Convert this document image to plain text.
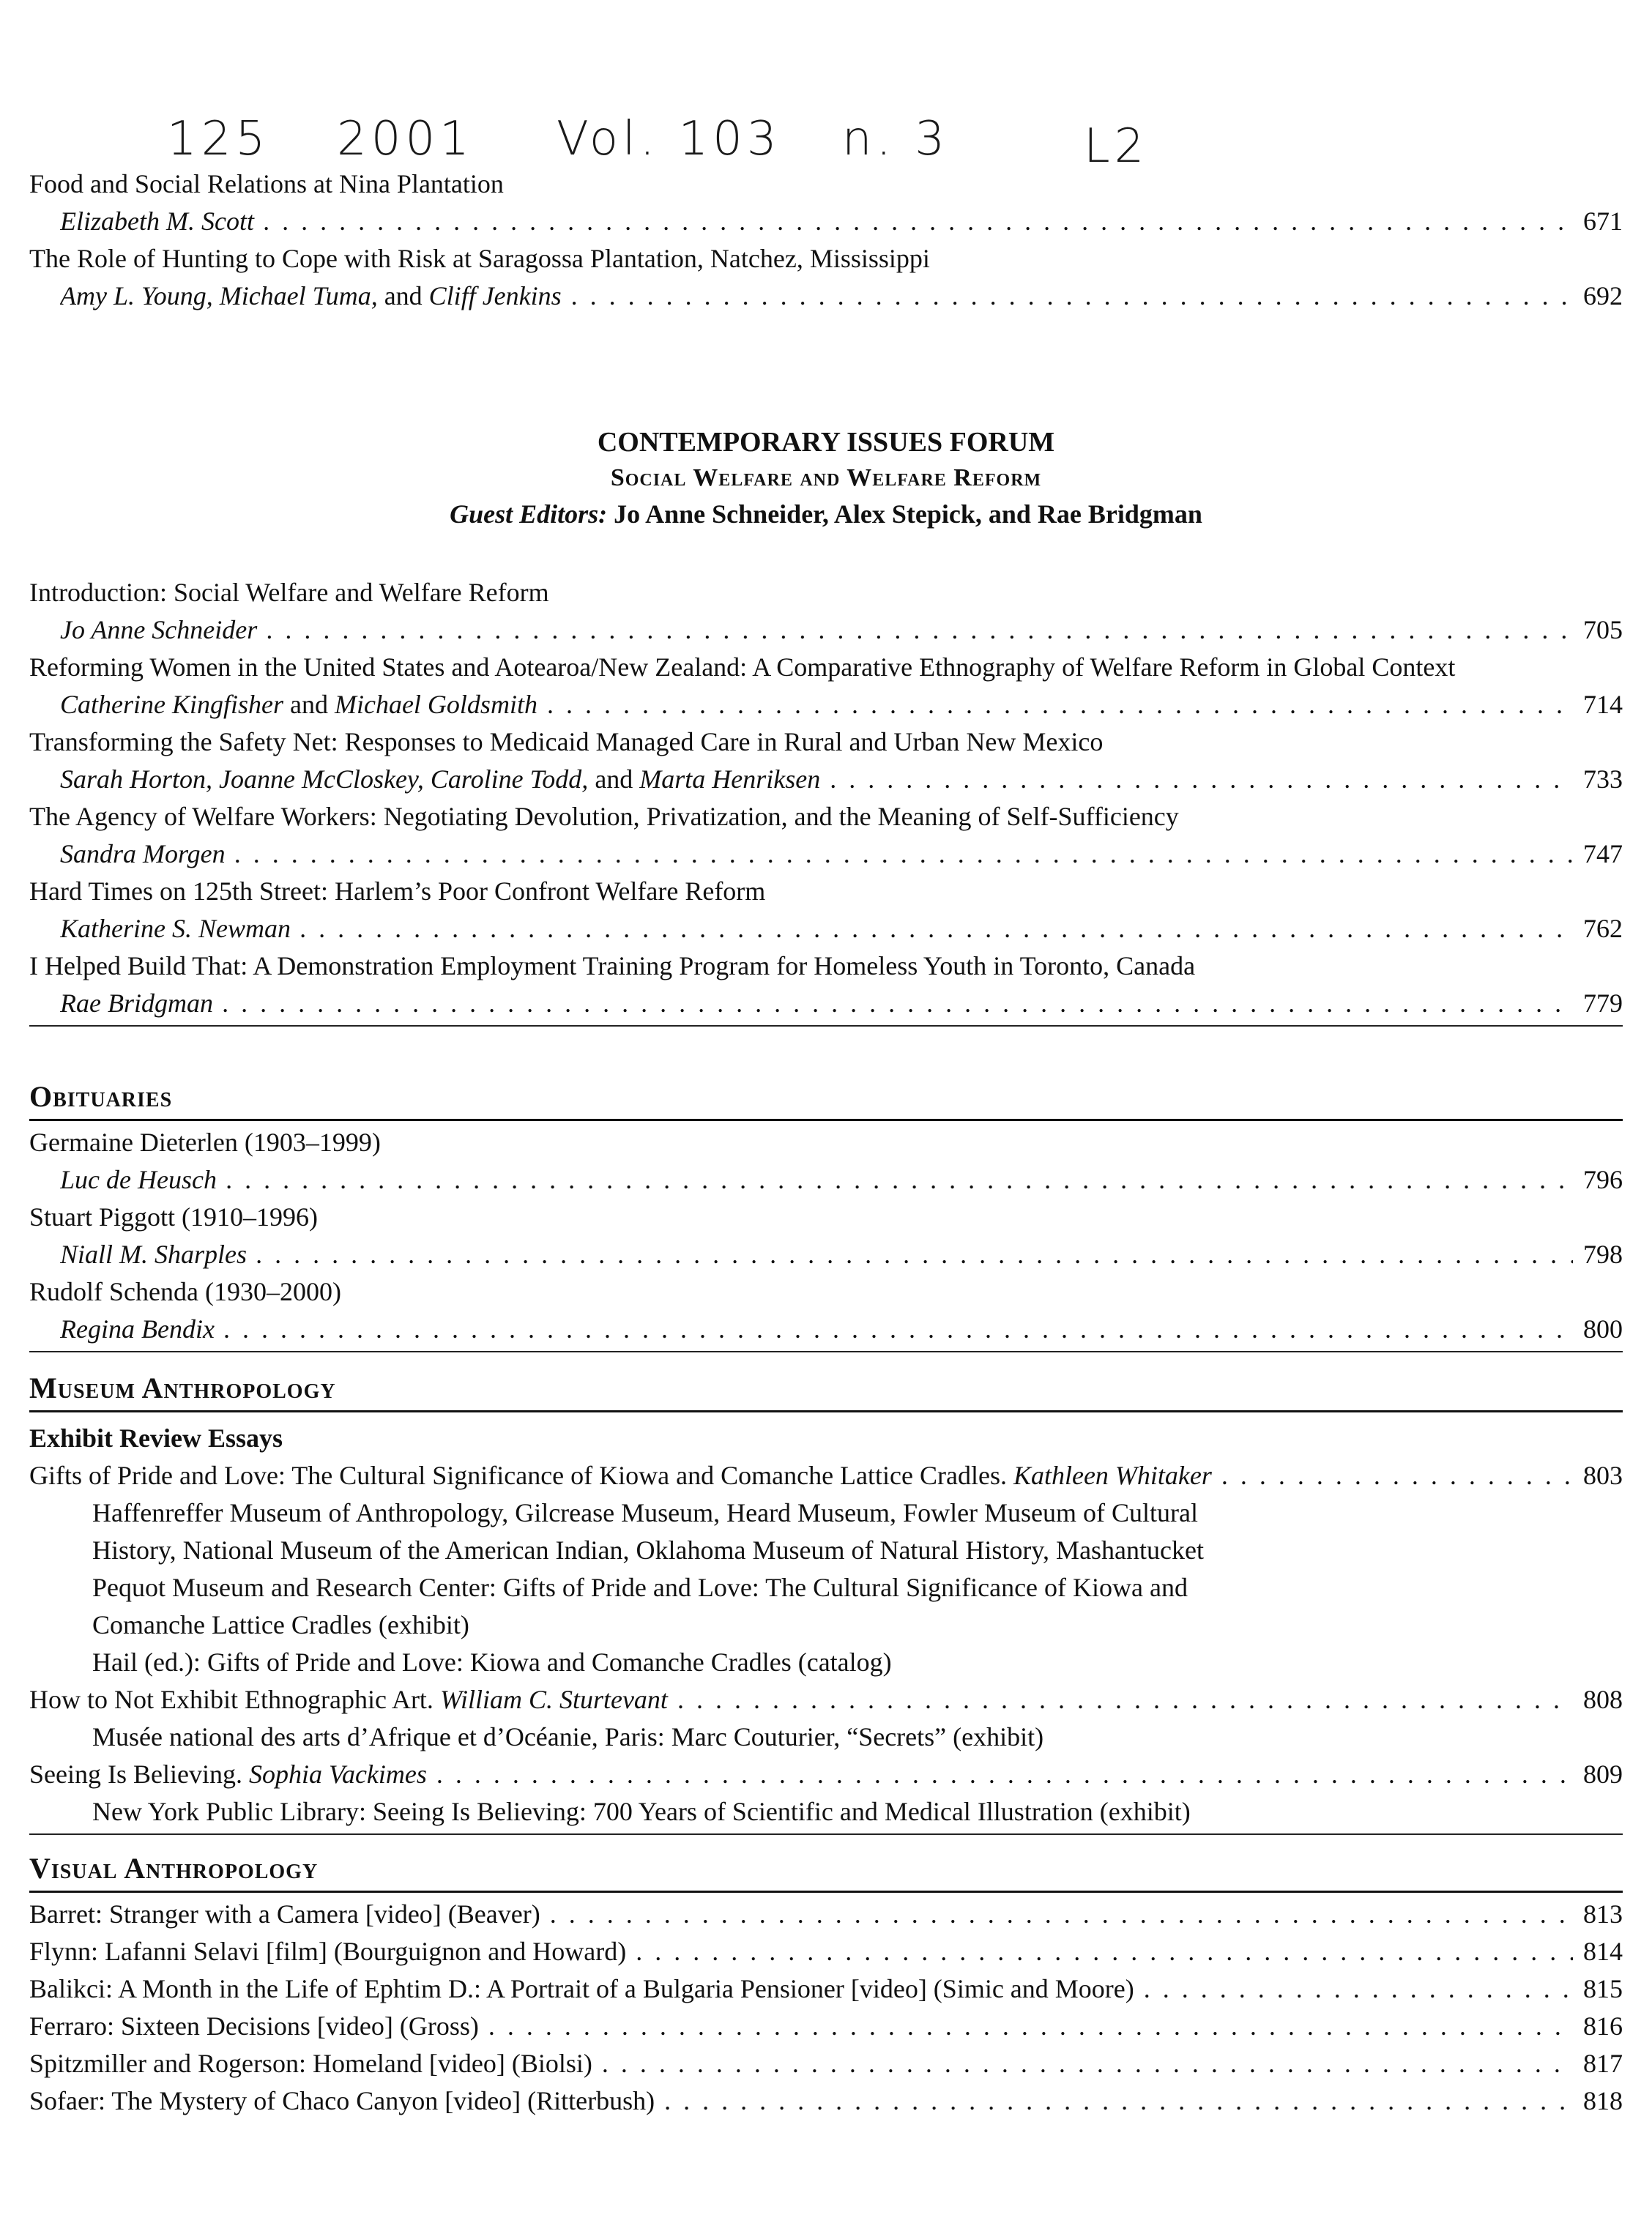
125 2001 Vol. 103 n. 3	L2
Food and Social Relations at Nina Plantation
Elizabeth M. Scott . . .	671
The Role of Hunting to Cope with Risk at Saragossa Plantation, Natchez, Mississippi
Amy L. Young, Michael Tuma, and Cliff Jenkins . . .	692
CONTEMPORARY ISSUES FORUM
Social Welfare and Welfare Reform
Guest Editors: Jo Anne Schneider, Alex Stepick, and Rae Bridgman
Introduction: Social Welfare and Welfare Reform
Jo Anne Schneider . . .	705
Reforming Women in the United States and Aotearoa/New Zealand: A Comparative Ethnography of Welfare Reform in Global Context
Catherine Kingfisher and Michael Goldsmith . . .	714
Transforming the Safety Net: Responses to Medicaid Managed Care in Rural and Urban New Mexico
Sarah Horton, Joanne McCloskey, Caroline Todd, and Marta Henriksen . . .	733
The Agency of Welfare Workers: Negotiating Devolution, Privatization, and the Meaning of Self-Sufficiency
Sandra Morgen . . .	747
Hard Times on 125th Street: Harlem’s Poor Confront Welfare Reform
Katherine S. Newman . . .	762
I Helped Build That: A Demonstration Employment Training Program for Homeless Youth in Toronto, Canada
Rae Bridgman . . .	779
Obituaries
Germaine Dieterlen (1903–1999)
Luc de Heusch . . .	796
Stuart Piggott (1910–1996)
Niall M. Sharples . . .	798
Rudolf Schenda (1930–2000)
Regina Bendix . . .	800
Museum Anthropology
Exhibit Review Essays
Gifts of Pride and Love: The Cultural Significance of Kiowa and Comanche Lattice Cradles. Kathleen Whitaker . . .	803
Haffenreffer Museum of Anthropology, Gilcrease Museum, Heard Museum, Fowler Museum of Cultural
History, National Museum of the American Indian, Oklahoma Museum of Natural History, Mashantucket
Pequot Museum and Research Center: Gifts of Pride and Love: The Cultural Significance of Kiowa and
Comanche Lattice Cradles (exhibit)
Hail (ed.): Gifts of Pride and Love: Kiowa and Comanche Cradles (catalog)
How to Not Exhibit Ethnographic Art. William C. Sturtevant . . .	808
Musée national des arts d’Afrique et d’Océanie, Paris: Marc Couturier, “Secrets” (exhibit)
Seeing Is Believing. Sophia Vackimes . . .	809
New York Public Library: Seeing Is Believing: 700 Years of Scientific and Medical Illustration (exhibit)
Visual Anthropology
Barret: Stranger with a Camera [video] (Beaver) . . .	813
Flynn: Lafanni Selavi [film] (Bourguignon and Howard) . . .	814
Balikci: A Month in the Life of Ephtim D.: A Portrait of a Bulgaria Pensioner [video] (Simic and Moore) . . .	815
Ferraro: Sixteen Decisions [video] (Gross) . . .	816
Spitzmiller and Rogerson: Homeland [video] (Biolsi) . . .	817
Sofaer: The Mystery of Chaco Canyon [video] (Ritterbush) . . .	818
